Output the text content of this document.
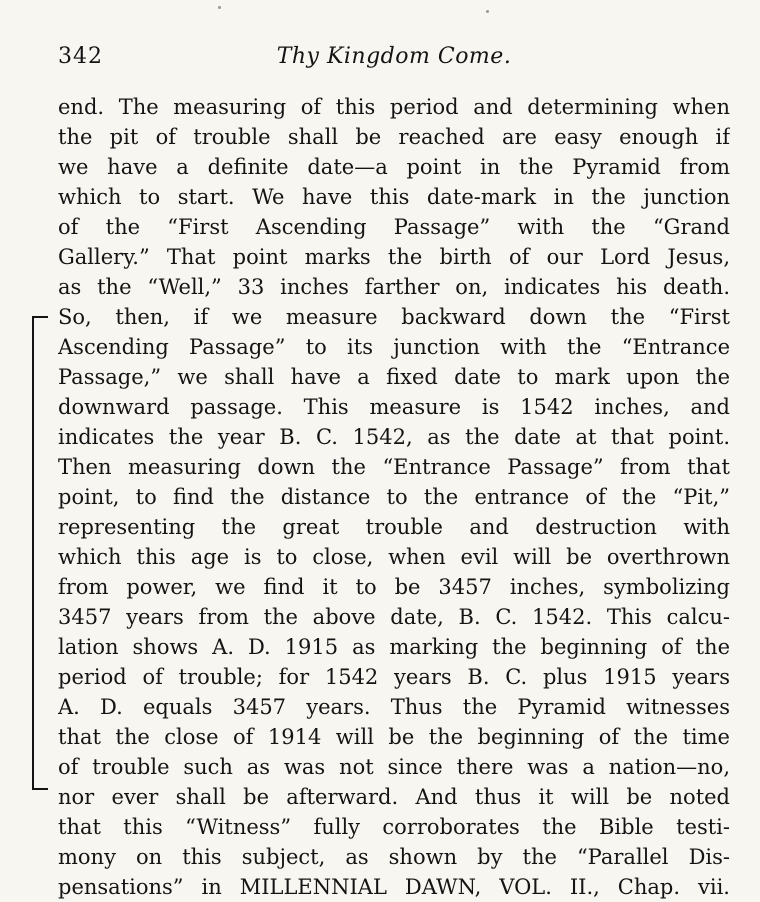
342	Thy Kingdom Come.
end. The measuring of this period and determining when
the pit of trouble shall be reached are easy enough if
we have a definite date—a point in the Pyramid from
which to start. We have this date-mark in the junction
of the “First Ascending Passage” with the “Grand
Gallery.” That point marks the birth of our Lord Jesus,
as the “Well,” 33 inches farther on, indicates his death.
So, then, if we measure backward down the “First
Ascending Passage” to its junction with the “Entrance
Passage,” we shall have a fixed date to mark upon the
downward passage. This measure is 1542 inches, and
indicates the year B. C. 1542, as the date at that point.
Then measuring down the “Entrance Passage” from that
point, to find the distance to the entrance of the “Pit,”
representing the great trouble and destruction with
which this age is to close, when evil will be overthrown
from power, we find it to be 3457 inches, symbolizing
3457 years from the above date, B. C. 1542. This calcu-
lation shows A. D. 1915 as marking the beginning of the
period of trouble; for 1542 years B. C. plus 1915 years
A. D. equals 3457 years. Thus the Pyramid witnesses
that the close of 1914 will be the beginning of the time
of trouble such as was not since there was a nation—no,
nor ever shall be afterward. And thus it will be noted
that this “Witness” fully corroborates the Bible testi-
mony on this subject, as shown by the “Parallel Dis-
pensations” in MILLENNIAL DAWN, VOL. II., Chap. vii.
